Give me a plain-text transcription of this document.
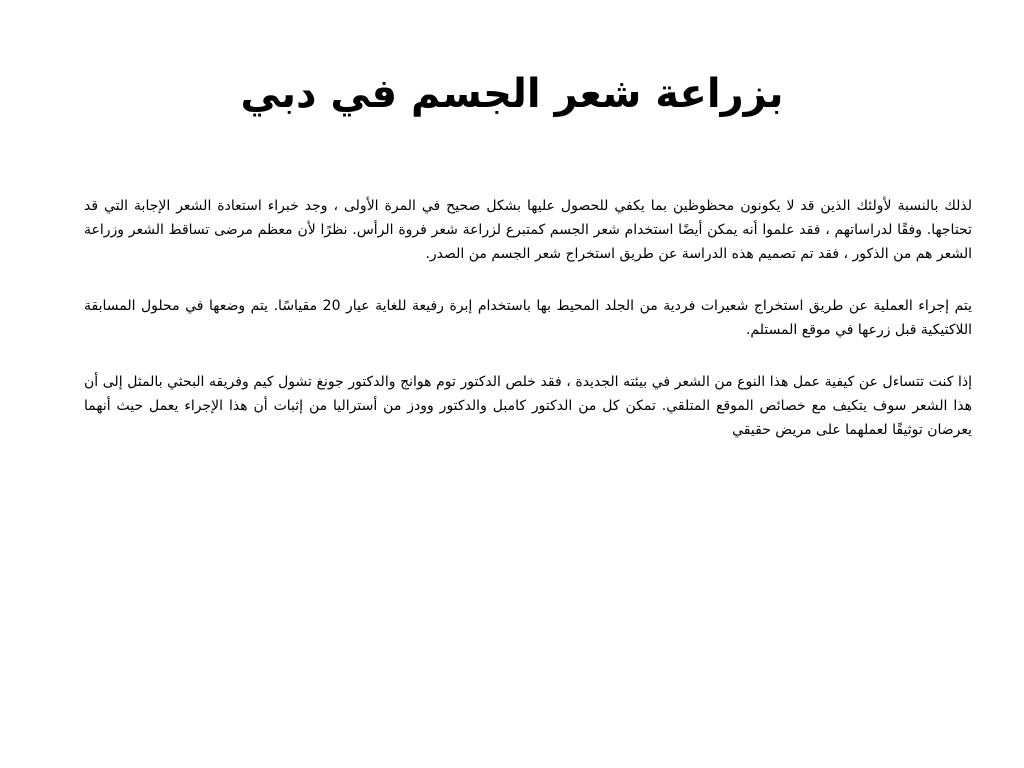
بزراعة شعر الجسم في دبي

لذلك بالنسبة لأولئك الذين قد لا يكونون محظوظين بما يكفي للحصول عليها بشكل صحيح في المرة الأولى ، وجد خبراء استعادة الشعر الإجابة التي قد تحتاجها. وفقًا لدراساتهم ، فقد علموا أنه يمكن أيضًا استخدام شعر الجسم كمتبرع لزراعة شعر فروة الرأس. نظرًا لأن معظم مرضى تساقط الشعر وزراعة الشعر هم من الذكور ، فقد تم تصميم هذه الدراسة عن طريق استخراج شعر الجسم من الصدر.

يتم إجراء العملية عن طريق استخراج شعيرات فردية من الجلد المحيط بها باستخدام إبرة رفيعة للغاية عيار 20 مقياسًا. يتم وضعها في محلول المسابقة اللاكتيكية قبل زرعها في موقع المستلم.

إذا كنت تتساءل عن كيفية عمل هذا النوع من الشعر في بيئته الجديدة ، فقد خلص الدكتور توم هوانج والدكتور جونغ تشول كيم وفريقه البحثي بالمثل إلى أن هذا الشعر سوف يتكيف مع خصائص الموقع المتلقي. تمكن كل من الدكتور كامبل والدكتور وودز من أستراليا من إثبات أن هذا الإجراء يعمل حيث أنهما يعرضان توثيقًا لعملهما على مريض حقيقي
